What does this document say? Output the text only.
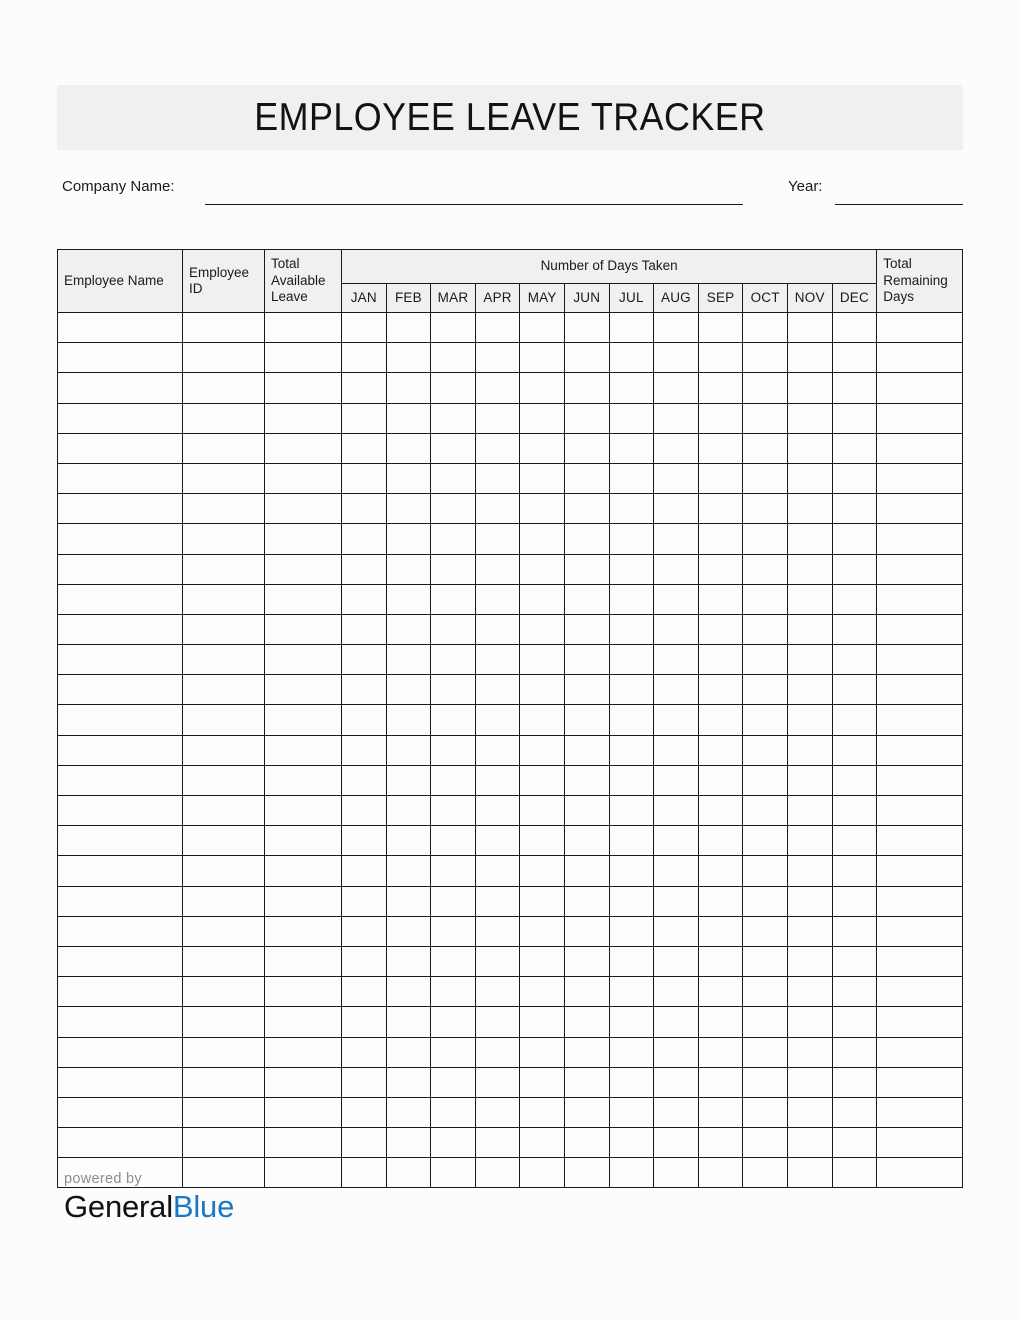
EMPLOYEE LEAVE TRACKER
Company Name:	Year:
Employee Name	Employee ID	Total Available Leave	Number of Days Taken												Total Remaining Days
			JAN	FEB	MAR	APR	MAY	JUN	JUL	AUG	SEP	OCT	NOV	DEC	

powered by
GeneralBlue
